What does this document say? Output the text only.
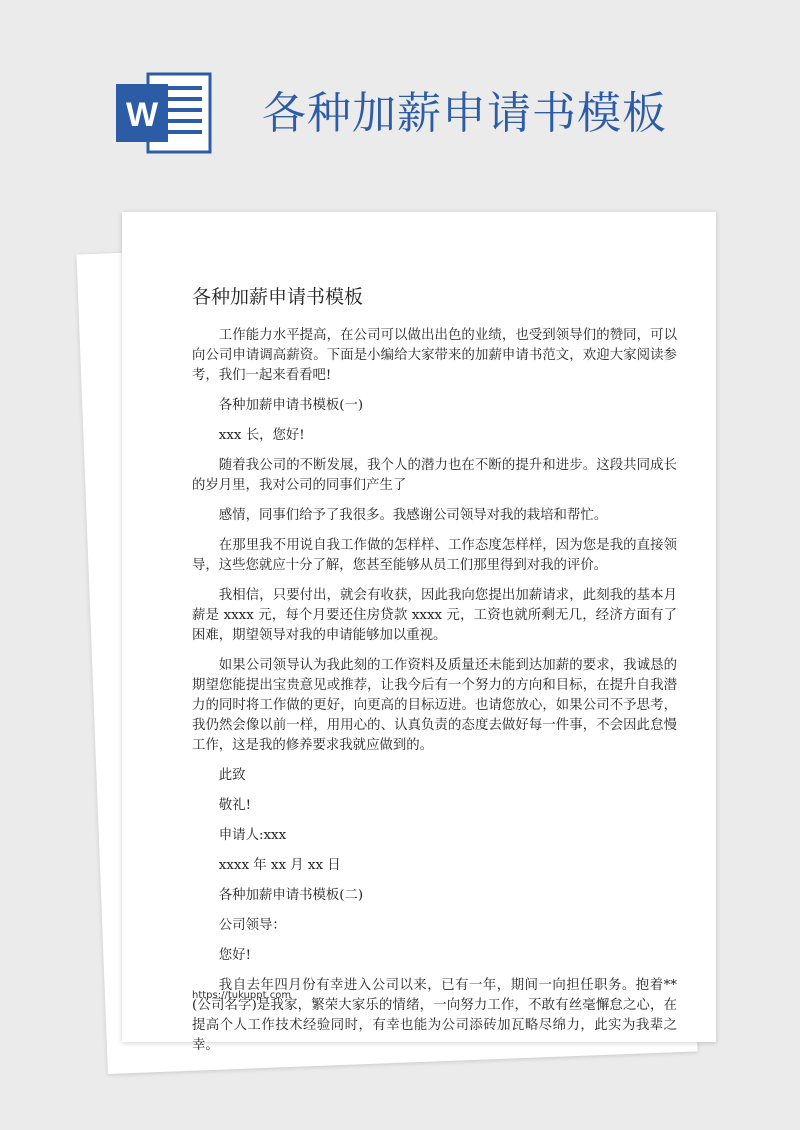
W 各种加薪申请书模板
各种加薪申请书模板

工作能力水平提高，在公司可以做出出色的业绩，也受到领导们的赞同，可以向公司申请调高薪资。下面是小编给大家带来的加薪申请书范文，欢迎大家阅读参考，我们一起来看看吧!

各种加薪申请书模板(一)

xxx 长，您好!

随着我公司的不断发展，我个人的潜力也在不断的提升和进步。这段共同成长的岁月里，我对公司的同事们产生了

感情，同事们给予了我很多。我感谢公司领导对我的栽培和帮忙。

在那里我不用说自我工作做的怎样样、工作态度怎样样，因为您是我的直接领导，这些您就应十分了解，您甚至能够从员工们那里得到对我的评价。

我相信，只要付出，就会有收获，因此我向您提出加薪请求，此刻我的基本月薪是 xxxx 元，每个月要还住房贷款 xxxx 元，工资也就所剩无几，经济方面有了困难，期望领导对我的申请能够加以重视。

如果公司领导认为我此刻的工作资料及质量还未能到达加薪的要求，我诚恳的期望您能提出宝贵意见或推荐，让我今后有一个努力的方向和目标，在提升自我潜力的同时将工作做的更好，向更高的目标迈进。也请您放心，如果公司不予思考，我仍然会像以前一样，用用心的、认真负责的态度去做好每一件事，不会因此怠慢工作，这是我的修养要求我就应做到的。

此致

敬礼!

申请人:xxx

xxxx 年 xx 月 xx 日

各种加薪申请书模板(二)

公司领导：

您好!

我自去年四月份有幸进入公司以来，已有一年，期间一向担任职务。抱着**(公司名字)是我家，繁荣大家乐的情绪，一向努力工作，不敢有丝毫懈怠之心，在提高个人工作技术经验同时，有幸也能为公司添砖加瓦略尽绵力，此实为我辈之幸。

https://tukuppt.com
